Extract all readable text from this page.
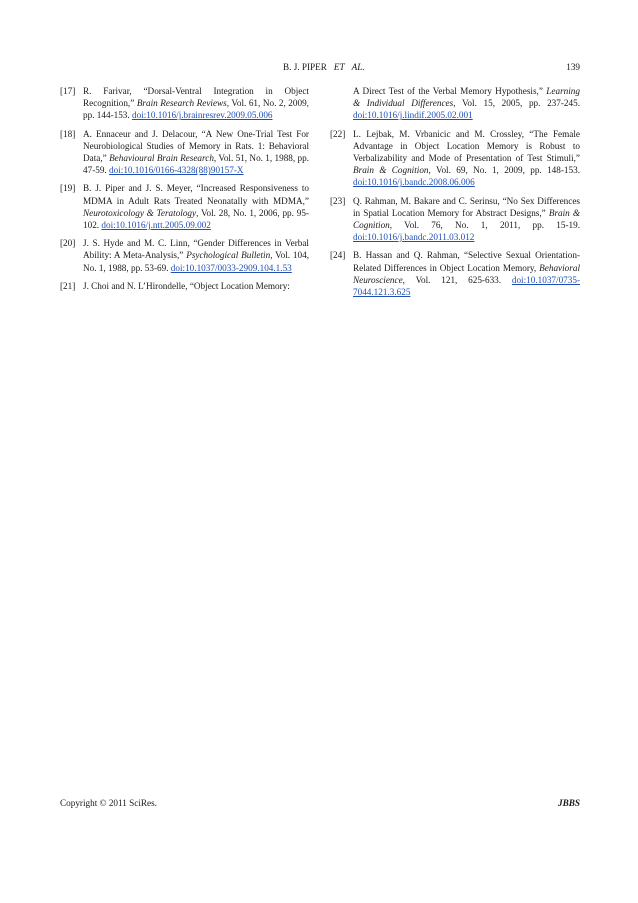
B. J. PIPER ET AL.	139
[17] R. Farivar, “Dorsal-Ventral Integration in Object Recognition,” Brain Research Reviews, Vol. 61, No. 2, 2009, pp. 144-153. doi:10.1016/j.brainresrev.2009.05.006
[18] A. Ennaceur and J. Delacour, “A New One-Trial Test For Neurobiological Studies of Memory in Rats. 1: Behavioral Data,” Behavioural Brain Research, Vol. 51, No. 1, 1988, pp. 47-59. doi:10.1016/0166-4328(88)90157-X
[19] B. J. Piper and J. S. Meyer, “Increased Responsiveness to MDMA in Adult Rats Treated Neonatally with MDMA,” Neurotoxicology & Teratology, Vol. 28, No. 1, 2006, pp. 95-102. doi:10.1016/j.ntt.2005.09.002
[20] J. S. Hyde and M. C. Linn, “Gender Differences in Verbal Ability: A Meta-Analysis,” Psychological Bulletin, Vol. 104, No. 1, 1988, pp. 53-69. doi:10.1037/0033-2909.104.1.53
[21] J. Choi and N. L’Hirondelle, “Object Location Memory:
A Direct Test of the Verbal Memory Hypothesis,” Learning & Individual Differences, Vol. 15, 2005, pp. 237-245. doi:10.1016/j.lindif.2005.02.001
[22] L. Lejbak, M. Vrbanicic and M. Crossley, “The Female Advantage in Object Location Memory is Robust to Verbalizability and Mode of Presentation of Test Stimuli,” Brain & Cognition, Vol. 69, No. 1, 2009, pp. 148-153. doi:10.1016/j.bandc.2008.06.006
[23] Q. Rahman, M. Bakare and C. Serinsu, “No Sex Differences in Spatial Location Memory for Abstract Designs,” Brain & Cognition, Vol. 76, No. 1, 2011, pp. 15-19. doi:10.1016/j.bandc.2011.03.012
[24] B. Hassan and Q. Rahman, “Selective Sexual Orientation-Related Differences in Object Location Memory, Behavioral Neuroscience, Vol. 121, 625-633. doi:10.1037/0735-7044.121.3.625
Copyright © 2011 SciRes.	JBBS
